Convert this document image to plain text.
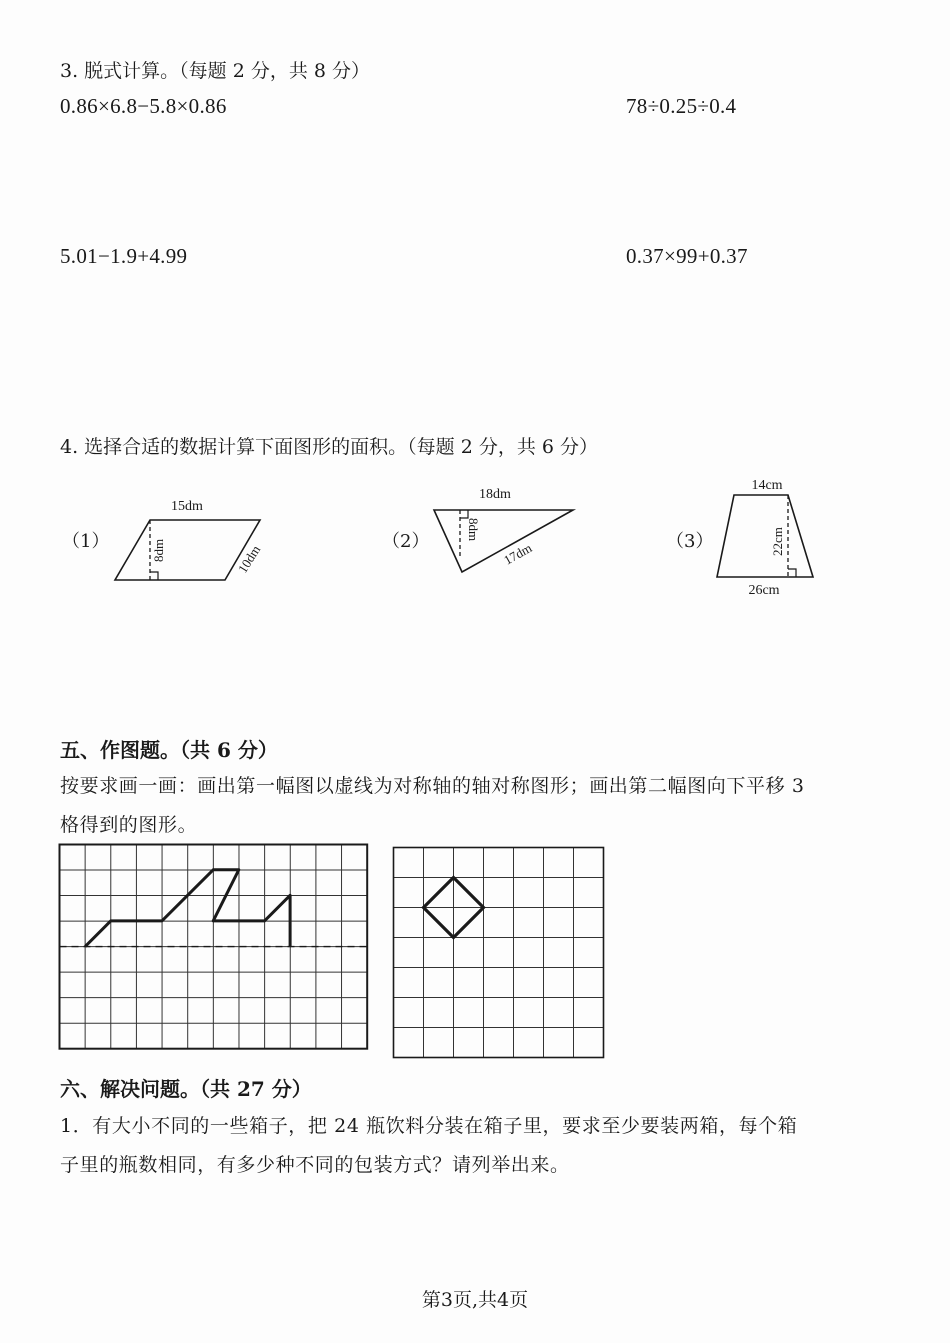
3. 脱式计算。（每题 2 分，共 8 分）
0.86×6.8−5.8×0.86	78÷0.25÷0.4
5.01−1.9+4.99	0.37×99+0.37
4. 选择合适的数据计算下面图形的面积。（每题 2 分，共 6 分）
（1）	（2）	（3）
15dm
8dm	10dm
18dm
8dm
17dm
14cm
22cm
26cm
五、作图题。（共 6 分）
按要求画一画：画出第一幅图以虚线为对称轴的轴对称图形；画出第二幅图向下平移 3
格得到的图形。
六、解决问题。（共 27 分）
1．有大小不同的一些箱子，把 24 瓶饮料分装在箱子里，要求至少要装两箱，每个箱
子里的瓶数相同，有多少种不同的包装方式？请列举出来。
第3页,共4页
